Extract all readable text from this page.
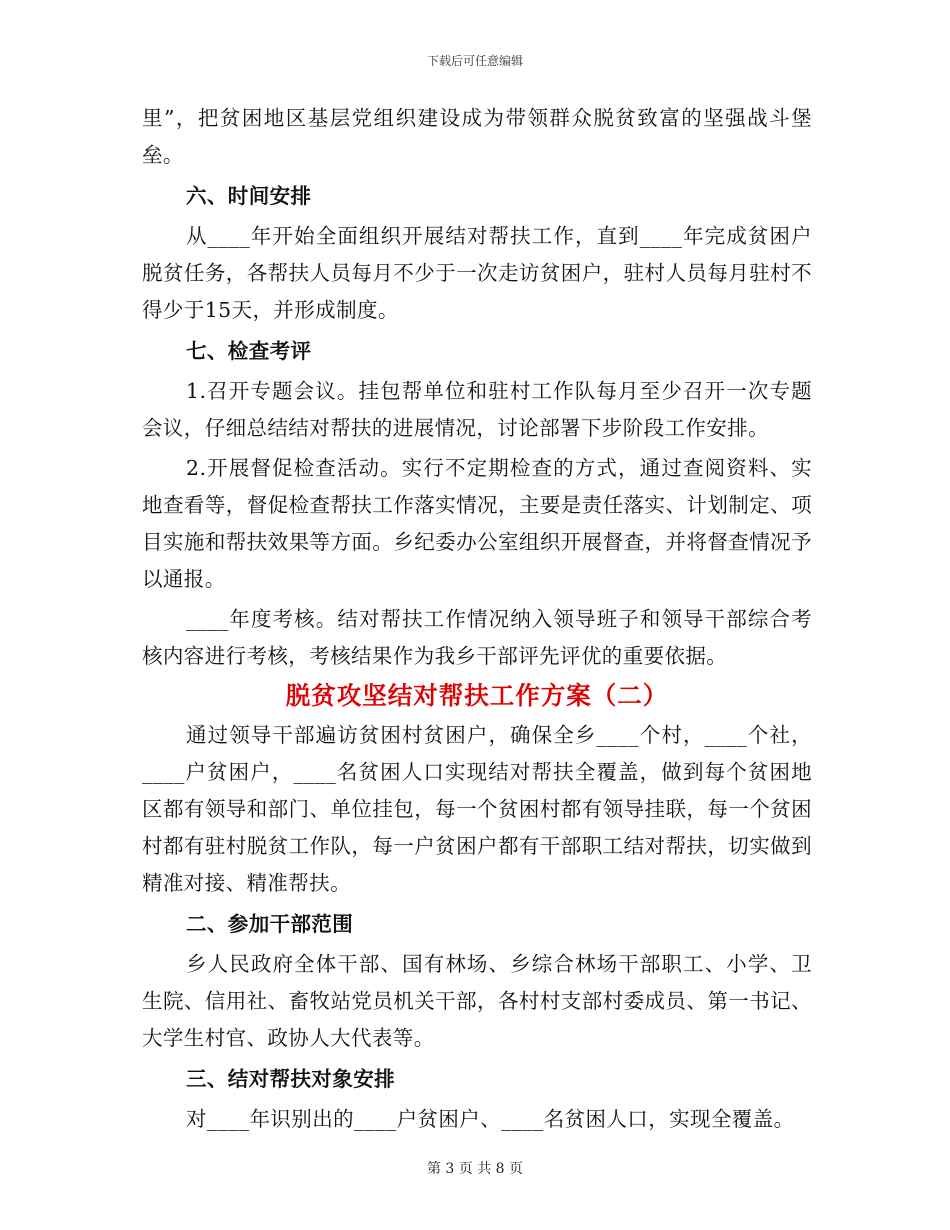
下载后可任意编辑

里”，把贫困地区基层党组织建设成为带领群众脱贫致富的坚强战斗堡垒。

六、时间安排

从____年开始全面组织开展结对帮扶工作，直到____年完成贫困户脱贫任务，各帮扶人员每月不少于一次走访贫困户，驻村人员每月驻村不得少于15天，并形成制度。

七、检查考评

1.召开专题会议。挂包帮单位和驻村工作队每月至少召开一次专题会议，仔细总结结对帮扶的进展情况，讨论部署下步阶段工作安排。

2.开展督促检查活动。实行不定期检查的方式，通过查阅资料、实地查看等，督促检查帮扶工作落实情况，主要是责任落实、计划制定、项目实施和帮扶效果等方面。乡纪委办公室组织开展督查，并将督查情况予以通报。

____年度考核。结对帮扶工作情况纳入领导班子和领导干部综合考核内容进行考核，考核结果作为我乡干部评先评优的重要依据。

脱贫攻坚结对帮扶工作方案（二）

通过领导干部遍访贫困村贫困户，确保全乡____个村，____个社，____户贫困户，____名贫困人口实现结对帮扶全覆盖，做到每个贫困地区都有领导和部门、单位挂包，每一个贫困村都有领导挂联，每一个贫困村都有驻村脱贫工作队，每一户贫困户都有干部职工结对帮扶，切实做到精准对接、精准帮扶。

二、参加干部范围

乡人民政府全体干部、国有林场、乡综合林场干部职工、小学、卫生院、信用社、畜牧站党员机关干部，各村村支部村委成员、第一书记、大学生村官、政协人大代表等。

三、结对帮扶对象安排

对____年识别出的____户贫困户、____名贫困人口，实现全覆盖。

第 3 页 共 8 页
